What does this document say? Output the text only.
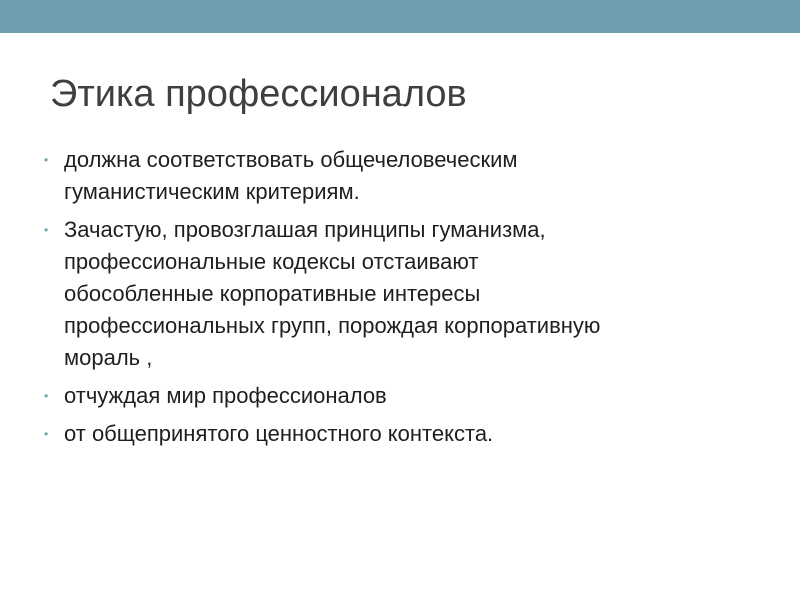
Этика профессионалов
• должна соответствовать общечеловеческим
гуманистическим критериям.
• Зачастую, провозглашая принципы гуманизма,
профессиональные кодексы отстаивают
обособленные корпоративные интересы
профессиональных групп, порождая корпоративную
мораль ,
• отчуждая мир профессионалов
• от общепринятого ценностного контекста.
